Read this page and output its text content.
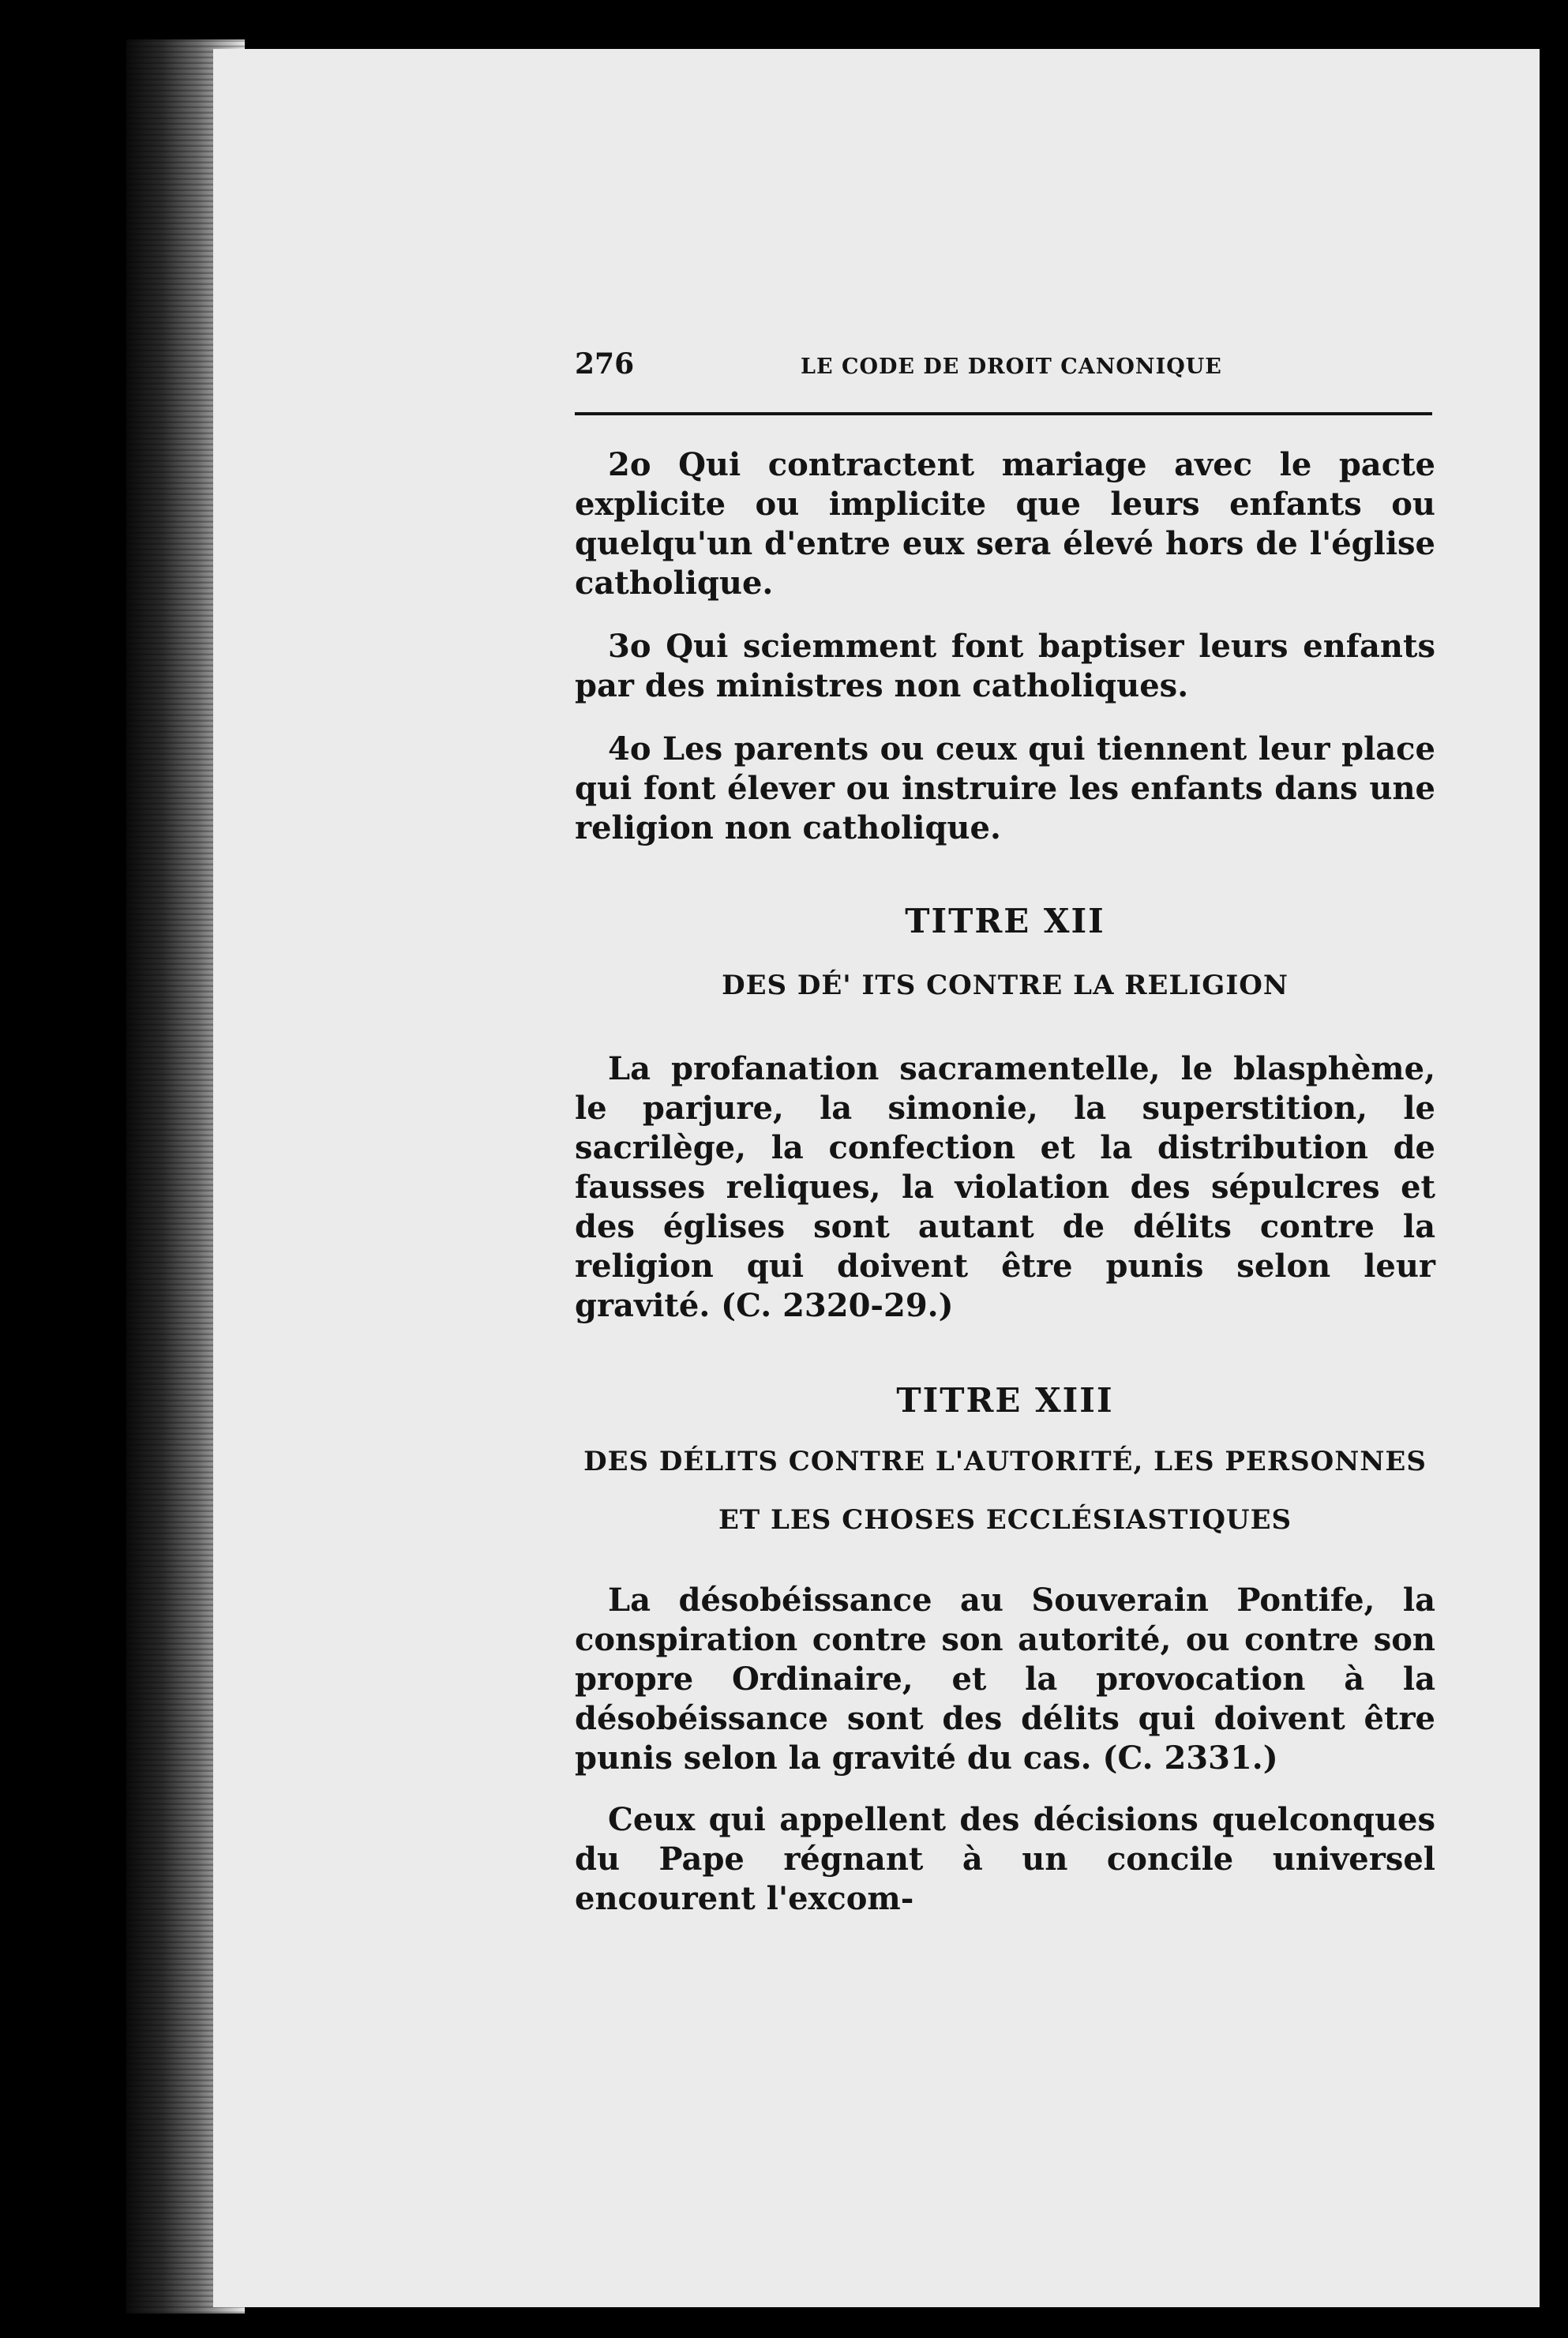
276	LE CODE DE DROIT CANONIQUE

2o Qui contractent mariage avec le pacte explicite ou implicite que leurs enfants ou quelqu'un d'entre eux sera élevé hors de l'église catholique.

3o Qui sciemment font baptiser leurs enfants par des ministres non catholiques.

4o Les parents ou ceux qui tiennent leur place qui font élever ou instruire les enfants dans une religion non catholique.

TITRE XII
DES DÉ' ITS CONTRE LA RELIGION

La profanation sacramentelle, le blasphème, le parjure, la simonie, la superstition, le sacrilège, la confection et la distribution de fausses reliques, la violation des sépulcres et des églises sont autant de délits contre la religion qui doivent être punis selon leur gravité. (C. 2320-29.)

TITRE XIII
DES DÉLITS CONTRE L'AUTORITÉ, LES PERSONNES ET LES CHOSES ECCLÉSIASTIQUES

La désobéissance au Souverain Pontife, la conspiration contre son autorité, ou contre son propre Ordinaire, et la provocation à la désobéissance sont des délits qui doivent être punis selon la gravité du cas. (C. 2331.)

Ceux qui appellent des décisions quelconques du Pape régnant à un concile universel encourent l'excom-
